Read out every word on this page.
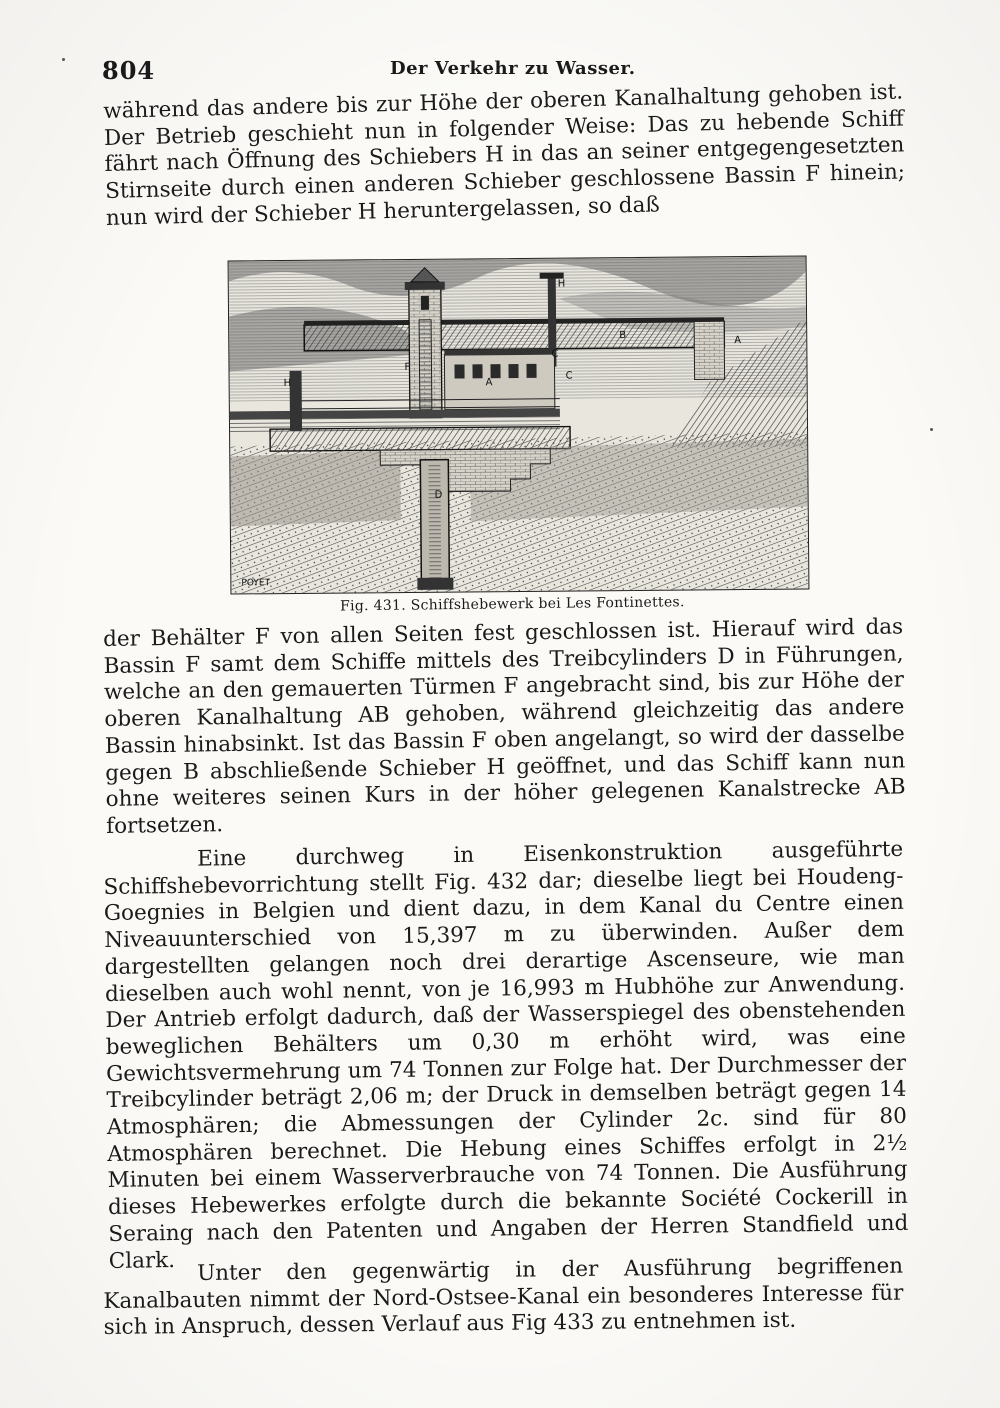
804	Der Verkehr zu Wasser.

während das andere bis zur Höhe der oberen Kanalhaltung gehoben ist. Der Betrieb geschieht nun in folgender Weise: Das zu hebende Schiff fährt nach Öffnung des Schiebers H in das an seiner entgegengesetzten Stirnseite durch einen anderen Schieber geschlossene Bassin F hinein; nun wird der Schieber H heruntergelassen, so daß

H
F
A
B
D
C
H
A
C
POYET
Fig. 431. Schiffshebewerk bei Les Fontinettes.

der Behälter F von allen Seiten fest geschlossen ist. Hierauf wird das Bassin F samt dem Schiffe mittels des Treibcylinders D in Führungen, welche an den gemauerten Türmen F angebracht sind, bis zur Höhe der oberen Kanalhaltung AB gehoben, während gleichzeitig das andere Bassin hinabsinkt. Ist das Bassin F oben angelangt, so wird der dasselbe gegen B abschließende Schieber H geöffnet, und das Schiff kann nun ohne weiteres seinen Kurs in der höher gelegenen Kanalstrecke AB fortsetzen.

Eine durchweg in Eisenkonstruktion ausgeführte Schiffshebevorrichtung stellt Fig. 432 dar; dieselbe liegt bei Houdeng-Goegnies in Belgien und dient dazu, in dem Kanal du Centre einen Niveauunterschied von 15,397 m zu überwinden. Außer dem dargestellten gelangen noch drei derartige Ascenseure, wie man dieselben auch wohl nennt, von je 16,993 m Hubhöhe zur Anwendung. Der Antrieb erfolgt dadurch, daß der Wasserspiegel des obenstehenden beweglichen Behälters um 0,30 m erhöht wird, was eine Gewichtsvermehrung um 74 Tonnen zur Folge hat. Der Durchmesser der Treibcylinder beträgt 2,06 m; der Druck in demselben beträgt gegen 14 Atmosphären; die Abmessungen der Cylinder 2c. sind für 80 Atmosphären berechnet. Die Hebung eines Schiffes erfolgt in 2½ Minuten bei einem Wasserverbrauche von 74 Tonnen. Die Ausführung dieses Hebewerkes erfolgte durch die bekannte Société Cockerill in Seraing nach den Patenten und Angaben der Herren Standfield und Clark.	Unter den gegenwärtig in der Ausführung begriffenen Kanalbauten nimmt der Nord-Ostsee-Kanal ein besonderes Interesse für sich in Anspruch, dessen Verlauf aus Fig 433 zu entnehmen ist.
